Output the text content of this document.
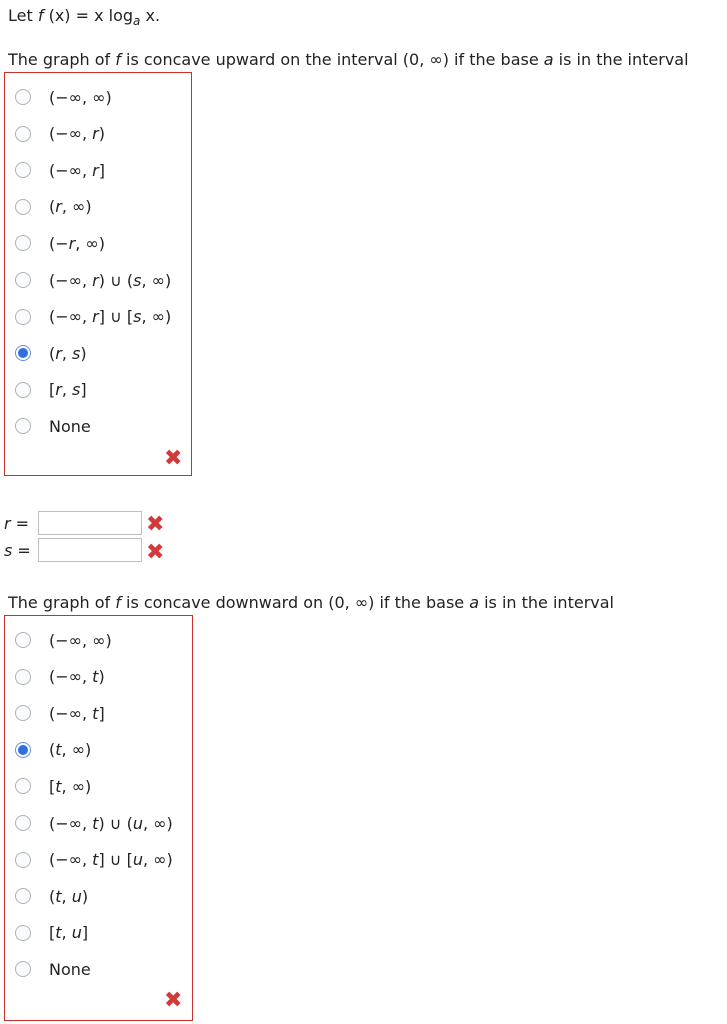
Let f (x) = x $\log_a x$.
The graph of f is concave upward on the interval (0, ∞) if the base a is in the interval
(−∞, ∞)
(−∞, r)
(−∞, r]
(r, ∞)
(−r, ∞)
(−∞, r) ∪ (s, ∞)
(−∞, r] ∪ [s, ∞)
(r, s)
[r, s]
None
✖
r =	✖
s =	✖
The graph of f is concave downward on (0, ∞) if the base a is in the interval
(−∞, ∞)
(−∞, t)
(−∞, t]
(t, ∞)
[t, ∞)
(−∞, t) ∪ (u, ∞)
(−∞, t] ∪ [u, ∞)
(t, u)
[t, u]
None
✖
